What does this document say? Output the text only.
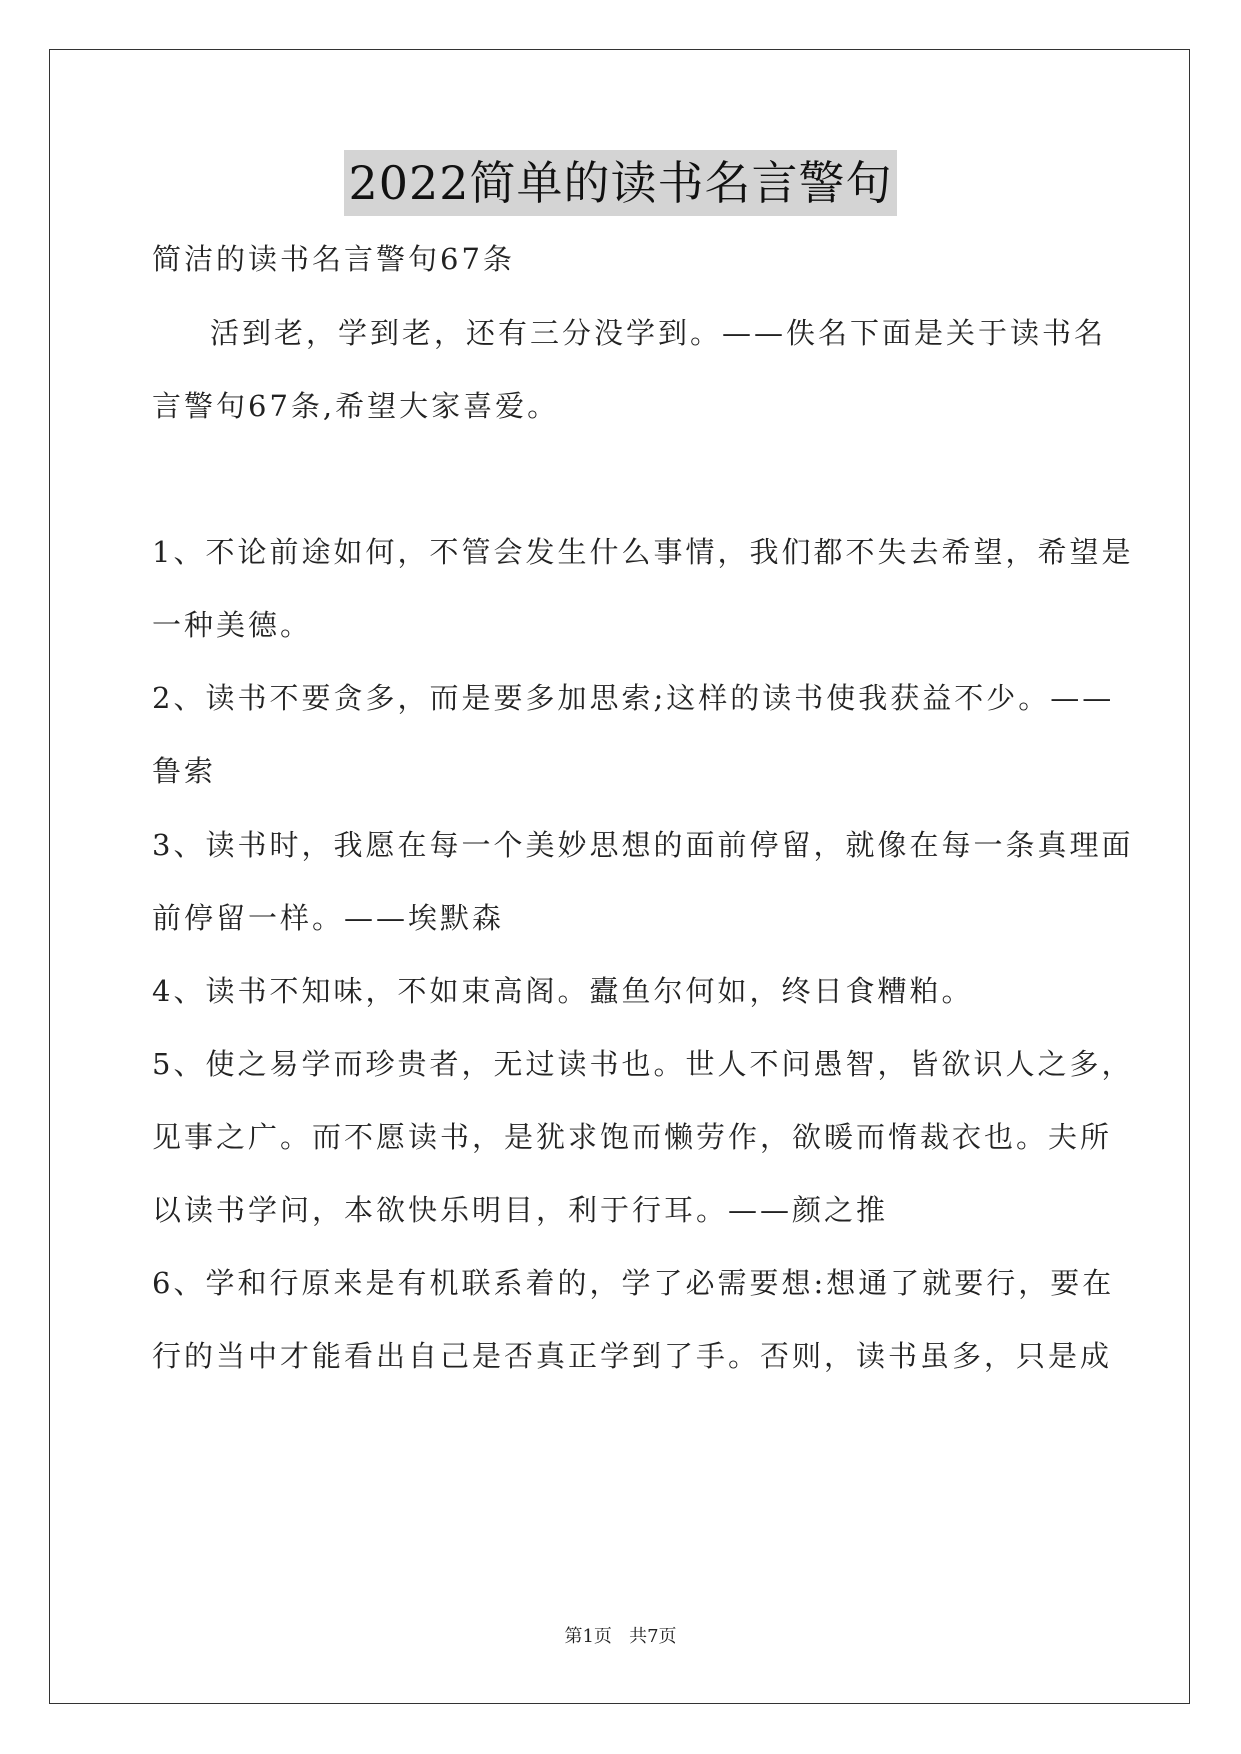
2022简单的读书名言警句
简洁的读书名言警句67条
活到老，学到老，还有三分没学到。——佚名下面是关于读书名
言警句67条,希望大家喜爱。
1、不论前途如何，不管会发生什么事情，我们都不失去希望，希望是
一种美德。
2、读书不要贪多，而是要多加思索;这样的读书使我获益不少。——
鲁索
3、读书时，我愿在每一个美妙思想的面前停留，就像在每一条真理面
前停留一样。——埃默森
4、读书不知味，不如束高阁。蠹鱼尔何如，终日食糟粕。
5、使之易学而珍贵者，无过读书也。世人不问愚智，皆欲识人之多，
见事之广。而不愿读书，是犹求饱而懒劳作，欲暖而惰裁衣也。夫所
以读书学问，本欲快乐明目，利于行耳。——颜之推
6、学和行原来是有机联系着的，学了必需要想:想通了就要行，要在
行的当中才能看出自己是否真正学到了手。否则，读书虽多，只是成
第1页   共7页
